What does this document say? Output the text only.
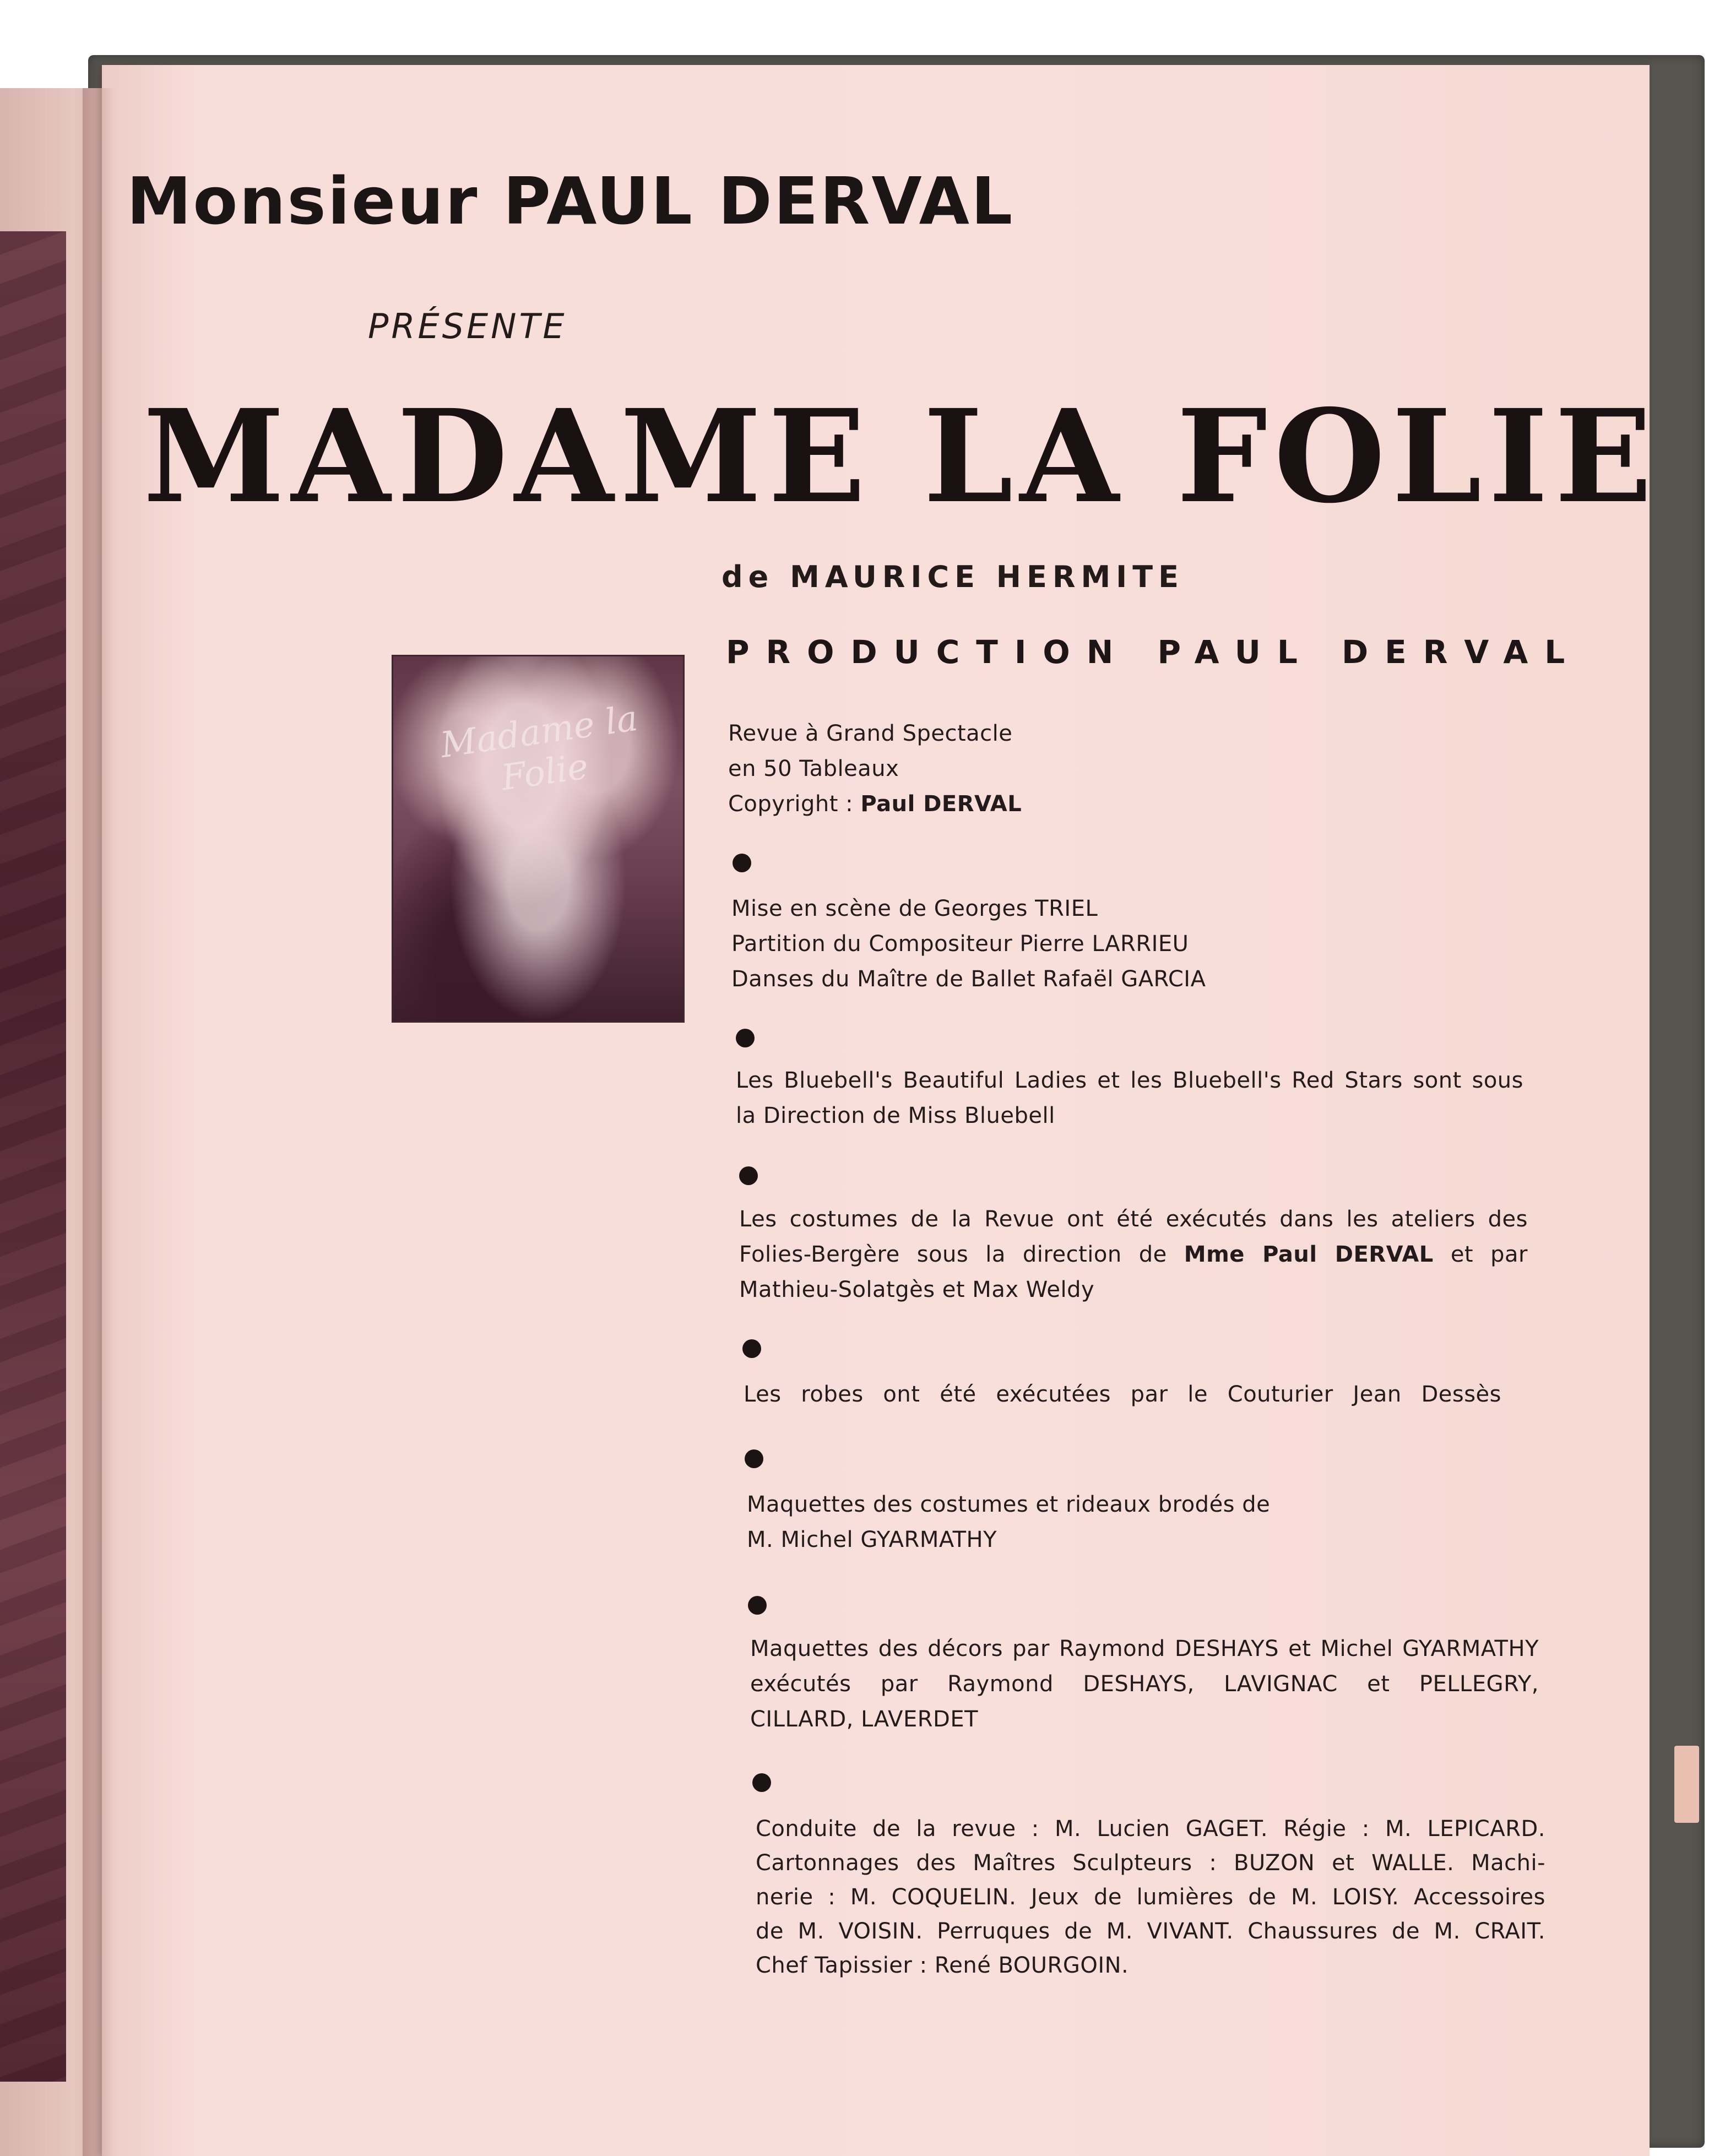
Monsieur PAUL DERVAL

PRÉSENTE

MADAME LA FOLIE

de MAURICE HERMITE

PRODUCTION PAUL DERVAL

Madame la Folie

Revue à Grand Spectacle
en 50 Tableaux
Copyright : Paul DERVAL

Mise en scène de Georges TRIEL
Partition du Compositeur Pierre LARRIEU
Danses du Maître de Ballet Rafaël GARCIA

Les Bluebell's Beautiful Ladies et les Bluebell's Red Stars sont sous
la Direction de Miss Bluebell

Les costumes de la Revue ont été exécutés dans les ateliers des
Folies-Bergère sous la direction de Mme Paul DERVAL et par
Mathieu-Solatgès et Max Weldy

Les robes ont été exécutées par le Couturier Jean Dessès

Maquettes des costumes et rideaux brodés de
M. Michel GYARMATHY

Maquettes des décors par Raymond DESHAYS et Michel GYARMATHY
exécutés par Raymond DESHAYS, LAVIGNAC et PELLEGRY,
CILLARD, LAVERDET

Conduite de la revue : M. Lucien GAGET. Régie : M. LEPICARD.
Cartonnages des Maîtres Sculpteurs : BUZON et WALLE. Machi-
nerie : M. COQUELIN. Jeux de lumières de M. LOISY. Accessoires
de M. VOISIN. Perruques de M. VIVANT. Chaussures de M. CRAIT.
Chef Tapissier : René BOURGOIN.
